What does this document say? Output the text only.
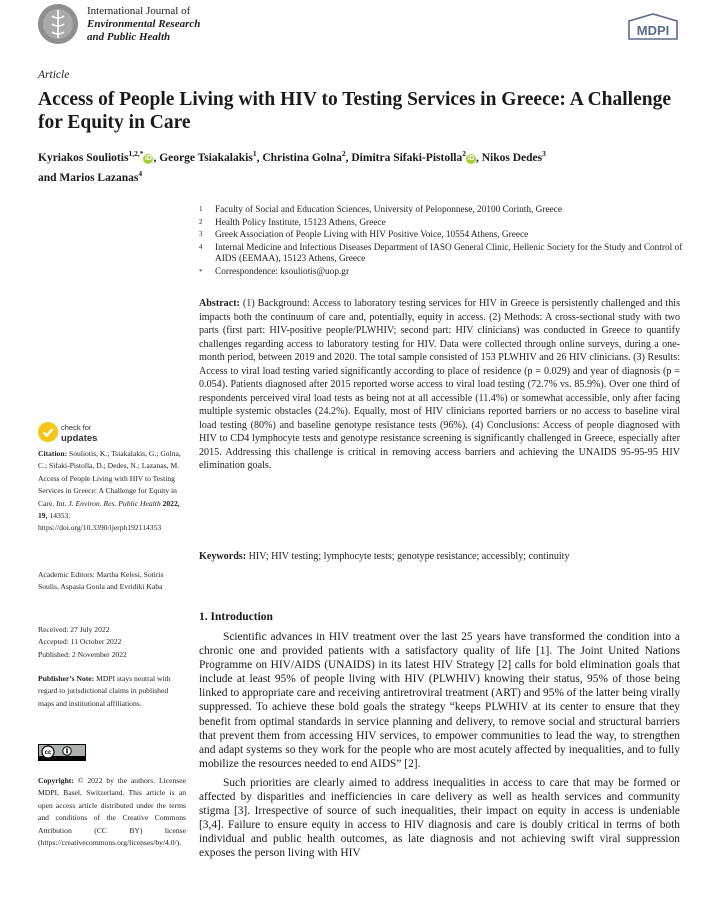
International Journal of
Environmental Research
and Public Health	MDPI
Article
Access of People Living with HIV to Testing Services in Greece: A Challenge for Equity in Care
Kyriakos Souliotis$^{1,2,*}$iD , George Tsiakalakis$^1$, Christina Golna$^2$, Dimitra Sifaki-Pistolla$^2$iD , Nikos Dedes$^3$
and Marios Lazanas$^4$
1 Faculty of Social and Education Sciences, University of Peloponnese, 20100 Corinth, Greece
2 Health Policy Institute, 15123 Athens, Greece
3 Greek Association of People Living with HIV Positive Voice, 10554 Athens, Greece
4 Internal Medicine and Infectious Diseases Department of IASO General Clinic, Hellenic Society for the Study and Control of AIDS (EEMAA), 15123 Athens, Greece
* Correspondence: ksouliotis@uop.gr
Abstract: (1) Background: Access to laboratory testing services for HIV in Greece is persistently challenged and this impacts both the continuum of care and, potentially, equity in access. (2) Methods: A cross-sectional study with two parts (first part: HIV-positive people/PLWHIV; second part: HIV clinicians) was conducted in Greece to quantify challenges regarding access to laboratory testing for HIV. Data were collected through online surveys, during a one-month period, between 2019 and 2020. The total sample consisted of 153 PLWHIV and 26 HIV clinicians. (3) Results: Access to viral load testing varied significantly according to place of residence (p = 0.029) and year of diagnosis (p = 0.054). Patients diagnosed after 2015 reported worse access to viral load testing (72.7% vs. 85.9%). Over one third of respondents perceived viral load tests as being not at all accessible (11.4%) or somewhat accessible, only after facing multiple systemic obstacles (24.2%). Equally, most of HIV clinicians reported barriers or no access to baseline viral load testing (80%) and baseline genotype resistance tests (96%). (4) Conclusions: Access of people diagnosed with HIV to CD4 lymphocyte tests and genotype resistance screening is significantly challenged in Greece, especially after 2015. Addressing this challenge is critical in removing access barriers and achieving the UNAIDS 95-95-95 HIV elimination goals.
Keywords: HIV; HIV testing; lymphocyte tests; genotype resistance; accessibly; continuity
check for
updates
Citation: Souliotis, K.; Tsiakalakis, G.; Golna, C.; Sifaki-Pistolla, D.; Dedes, N.; Lazanas, M. Access of People Living with HIV to Testing Services in Greece: A Challenge for Equity in Care. Int. J. Environ. Res. Public Health 2022, 19, 14353. https://doi.org/10.3390/ijerph192114353
Academic Editors: Martha Kelesi, Sotiris Soulis, Aspasia Goula and Evridiki Kaba
Received: 27 July 2022
Accepted: 11 October 2022
Published: 2 November 2022
Publisher’s Note: MDPI stays neutral with regard to jurisdictional claims in published maps and institutional affiliations.
cc
Copyright: © 2022 by the authors. Licensee MDPI, Basel, Switzerland. This article is an open access article distributed under the terms and conditions of the Creative Commons Attribution (CC BY) license (https://creativecommons.org/licenses/by/4.0/).
1. Introduction

Scientific advances in HIV treatment over the last 25 years have transformed the condition into a chronic one and provided patients with a satisfactory quality of life [1]. The Joint United Nations Programme on HIV/AIDS (UNAIDS) in its latest HIV Strategy [2] calls for bold elimination goals that include at least 95% of people living with HIV (PLWHIV) knowing their status, 95% of those being linked to appropriate care and receiving antiretroviral treatment (ART) and 95% of the latter being virally suppressed. To achieve these bold goals the strategy “keeps PLWHIV at its center to ensure that they benefit from optimal standards in service planning and delivery, to remove social and structural barriers that prevent them from accessing HIV services, to empower communities to lead the way, to strengthen and adapt systems so they work for the people who are most acutely affected by inequalities, and to fully mobilize the resources needed to end AIDS” [2].

Such priorities are clearly aimed to address inequalities in access to care that may be formed or affected by disparities and inefficiencies in care delivery as well as health services and community stigma [3]. Irrespective of source of such inequalities, their impact on equity in access is undeniable [3,4]. Failure to ensure equity in access to HIV diagnosis and care is doubly critical in terms of both individual and public health outcomes, as late diagnosis and not achieving swift viral suppression exposes the person living with HIV
